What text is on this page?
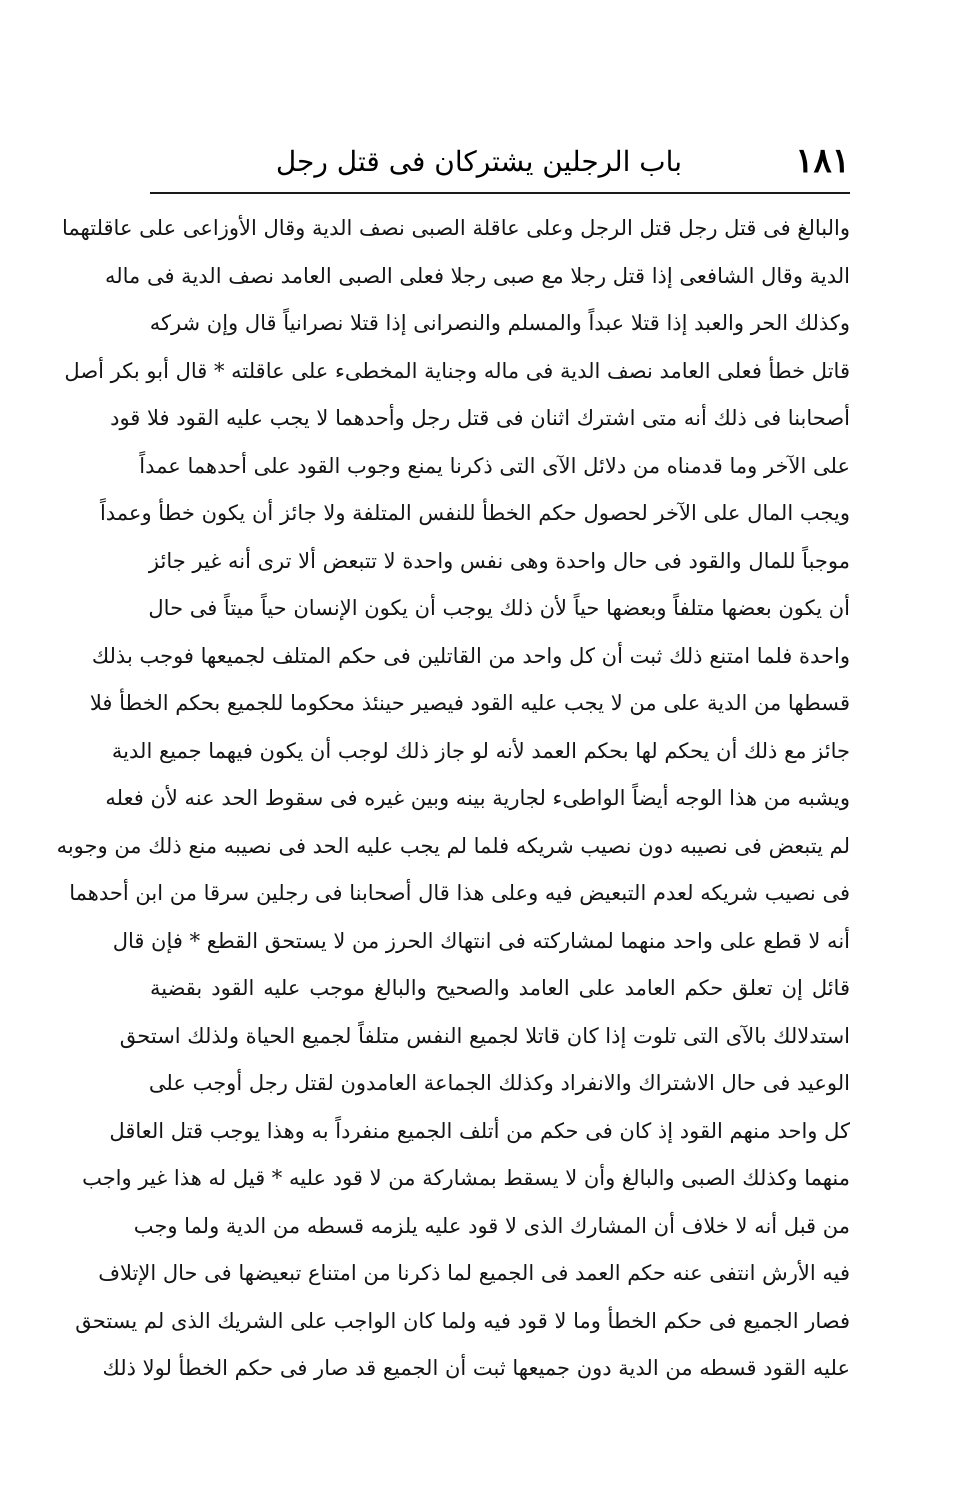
١٨١
باب الرجلين يشتركان فى قتل رجل
والبالغ فى قتل رجل قتل الرجل وعلى عاقلة الصبى نصف الدية وقال الأوزاعى على عاقلتهما
الدية وقال الشافعى إذا قتل رجلا مع صبى رجلا فعلى الصبى العامد نصف الدية فى ماله
وكذلك الحر والعبد إذا قتلا عبداً والمسلم والنصرانى إذا قتلا نصرانياً قال وإن شركه
قاتل خطأ فعلى العامد نصف الدية فى ماله وجناية المخطىء على عاقلته * قال أبو بكر أصل
أصحابنا فى ذلك أنه متى اشترك اثنان فى قتل رجل وأحدهما لا يجب عليه القود فلا قود
على الآخر وما قدمناه من دلائل الآى التى ذكرنا يمنع وجوب القود على أحدهما عمداً
ويجب المال على الآخر لحصول حكم الخطأ للنفس المتلفة ولا جائز أن يكون خطأ وعمداً
موجباً للمال والقود فى حال واحدة وهى نفس واحدة لا تتبعض ألا ترى أنه غير جائز
أن يكون بعضها متلفاً وبعضها حياً لأن ذلك يوجب أن يكون الإنسان حياً ميتاً فى حال
واحدة فلما امتنع ذلك ثبت أن كل واحد من القاتلين فى حكم المتلف لجميعها فوجب بذلك
قسطها من الدية على من لا يجب عليه القود فيصير حينئذ محكوما للجميع بحكم الخطأ فلا
جائز مع ذلك أن يحكم لها بحكم العمد لأنه لو جاز ذلك لوجب أن يكون فيهما جميع الدية
ويشبه من هذا الوجه أيضاً الواطىء لجارية بينه وبين غيره فى سقوط الحد عنه لأن فعله
لم يتبعض فى نصيبه دون نصيب شريكه فلما لم يجب عليه الحد فى نصيبه منع ذلك من وجوبه
فى نصيب شريكه لعدم التبعيض فيه وعلى هذا قال أصحابنا فى رجلين سرقا من ابن أحدهما
أنه لا قطع على واحد منهما لمشاركته فى انتهاك الحرز من لا يستحق القطع * فإن قال
قائل إن تعلق حكم العامد على العامد والصحيح والبالغ موجب عليه القود بقضية
استدلالك بالآى التى تلوت إذا كان قاتلا لجميع النفس متلفاً لجميع الحياة ولذلك استحق
الوعيد فى حال الاشتراك والانفراد وكذلك الجماعة العامدون لقتل رجل أوجب على
كل واحد منهم القود إذ كان فى حكم من أتلف الجميع منفرداً به وهذا يوجب قتل العاقل
منهما وكذلك الصبى والبالغ وأن لا يسقط بمشاركة من لا قود عليه * قيل له هذا غير واجب
من قبل أنه لا خلاف أن المشارك الذى لا قود عليه يلزمه قسطه من الدية ولما وجب
فيه الأرش انتفى عنه حكم العمد فى الجميع لما ذكرنا من امتناع تبعيضها فى حال الإتلاف
فصار الجميع فى حكم الخطأ وما لا قود فيه ولما كان الواجب على الشريك الذى لم يستحق
عليه القود قسطه من الدية دون جميعها ثبت أن الجميع قد صار فى حكم الخطأ لولا ذلك
